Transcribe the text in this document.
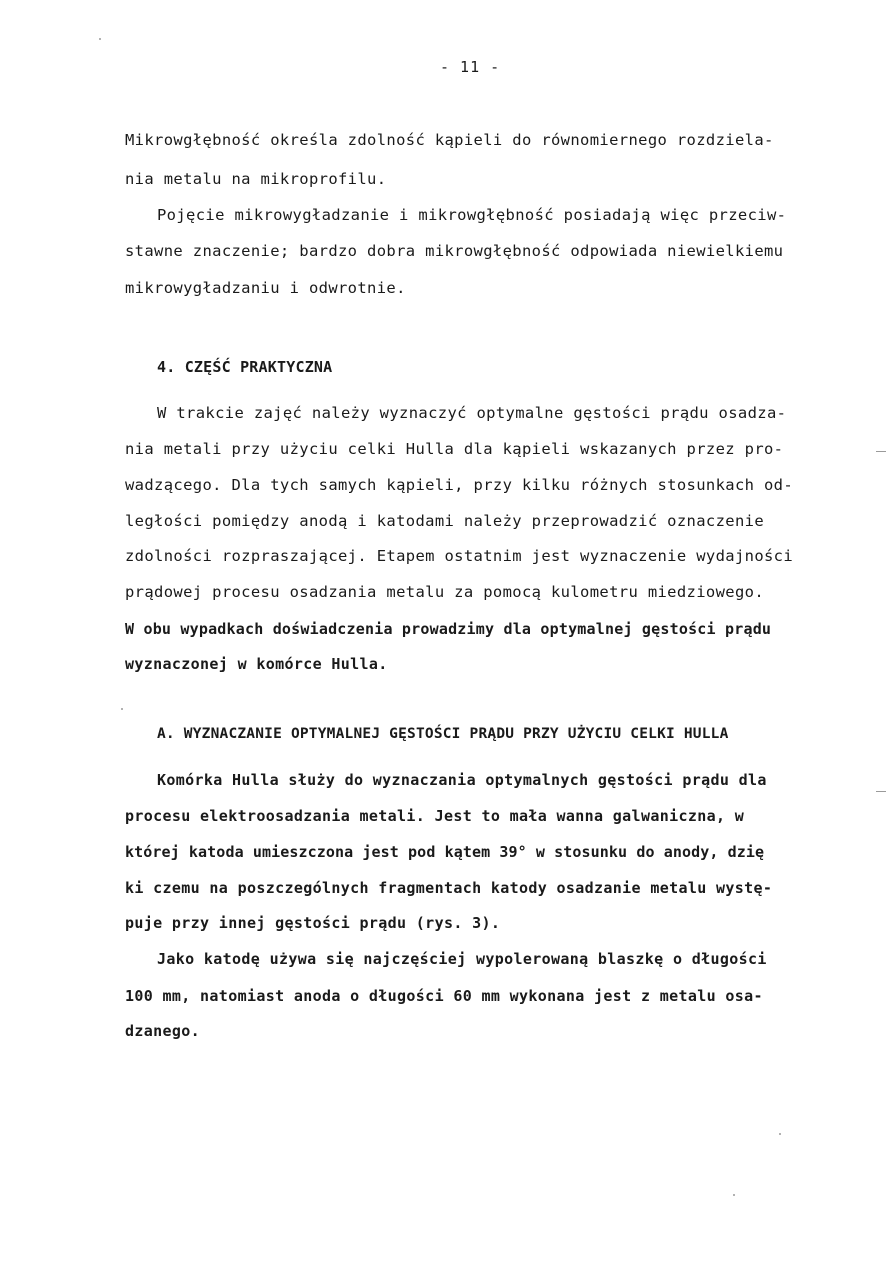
- 11 -
Mikrowgłębność określa zdolność kąpieli do równomiernego rozdziela-
nia metalu na mikroprofilu.
Pojęcie mikrowygładzanie i mikrowgłębność posiadają więc przeciw-
stawne znaczenie; bardzo dobra mikrowgłębność odpowiada niewielkiemu
mikrowygładzaniu i odwrotnie.
4. CZĘŚĆ PRAKTYCZNA
W trakcie zajęć należy wyznaczyć optymalne gęstości prądu osadza-
nia metali przy użyciu celki Hulla dla kąpieli wskazanych przez pro-
wadzącego. Dla tych samych kąpieli, przy kilku różnych stosunkach od-
ległości pomiędzy anodą i katodami należy przeprowadzić oznaczenie
zdolności rozpraszającej. Etapem ostatnim jest wyznaczenie wydajności
prądowej procesu osadzania metalu za pomocą kulometru miedziowego.
W obu wypadkach doświadczenia prowadzimy dla optymalnej gęstości prądu
wyznaczonej w komórce Hulla.
A. WYZNACZANIE OPTYMALNEJ GĘSTOŚCI PRĄDU PRZY UŻYCIU CELKI HULLA
Komórka Hulla służy do wyznaczania optymalnych gęstości prądu dla
procesu elektroosadzania metali. Jest to mała wanna galwaniczna, w
której katoda umieszczona jest pod kątem 39° w stosunku do anody, dzię
ki czemu na poszczególnych fragmentach katody osadzanie metalu wystę-
puje przy innej gęstości prądu (rys. 3).
Jako katodę używa się najczęściej wypolerowaną blaszkę o długości
100 mm, natomiast anoda o długości 60 mm wykonana jest z metalu osa-
dzanego.
